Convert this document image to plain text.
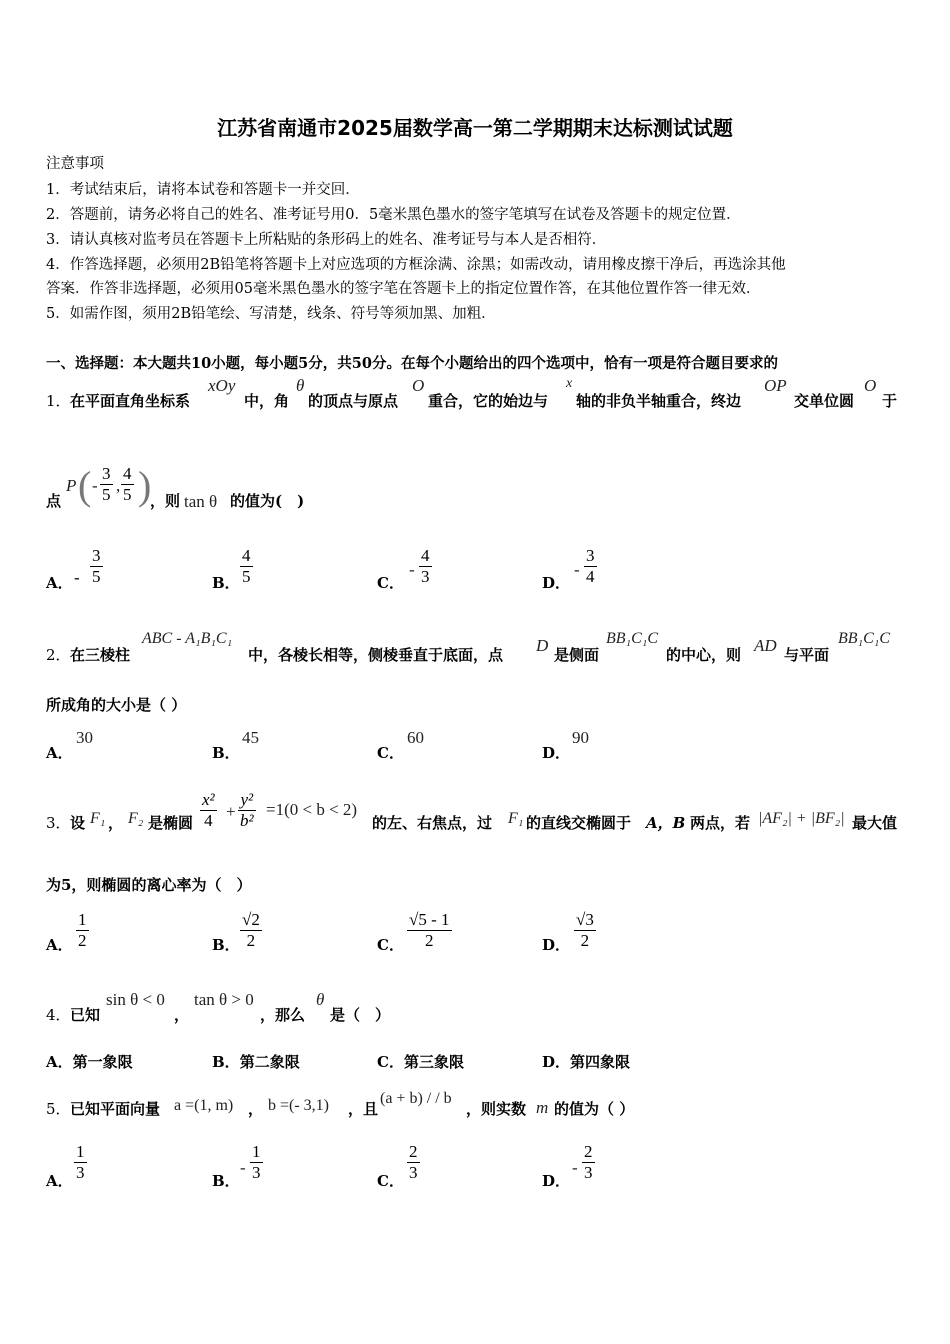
江苏省南通市2025届数学高一第二学期期末达标测试试题
注意事项
1．考试结束后，请将本试卷和答题卡一并交回．
2．答题前，请务必将自己的姓名、准考证号用0．5毫米黑色墨水的签字笔填写在试卷及答题卡的规定位置．
3．请认真核对监考员在答题卡上所粘贴的条形码上的姓名、准考证号与本人是否相符．
4．作答选择题，必须用2B铅笔将答题卡上对应选项的方框涂满、涂黑；如需改动，请用橡皮擦干净后，再选涂其他
答案．作答非选择题，必须用05毫米黑色墨水的签字笔在答题卡上的指定位置作答，在其他位置作答一律无效．
5．如需作图，须用2B铅笔绘、写清楚，线条、符号等须加黑、加粗．
一、选择题：本大题共10小题，每小题5分，共50分。在每个小题给出的四个选项中，恰有一项是符合题目要求的
1． 在平面直角坐标系
xOy
中，角
θ
的顶点与原点
O
重合，它的始边与
x
轴的非负半轴重合，终边
OP
交单位圆
O
于
点
P ( - $\frac{3}{5}$ , $\frac{4}{5}$ )
，则 tan θ 的值为(　)
A． - $\frac{3}{5}$	B． $\frac{4}{5}$	C．
- $\frac{4}{3}$	D．
- $\frac{3}{4}$
2． 在三棱柱
ABC - A₁B₁C₁
中，各棱长相等，侧棱垂直于底面，点 D 是侧面
BB₁C₁C
的中心，则 AD 与平面
BB₁C₁C
所成角的大小是（ ）
A．
30
B．
45
C．
60
D．
90
3． 设 F₁ ， F₂ 是椭圆 $\frac{\text{x²}}{4} + \frac{\text{y²}}{\text{b²}} =1(0 < b < 2)$
的左、右焦点，过 F₁ 的直线交椭圆于 A，B 两点，若 |AF₂| + |BF₂| 最大值
为5，则椭圆的离心率为（　）
A． $\frac{1}{2}$	B． $\frac{√2}{2}$	C． $\frac{√5 - 1}{2}$	D． $\frac{√3}{2}$
4． 已知
sin θ < 0
，
tan θ > 0
，那么
θ
是（　）
A．第一象限	B．第二象限	C．第三象限	D．第四象限
5． 已知平面向量 a =(1, m) ， b =(- 3,1) ，且
(a + b) / / b
，则实数 m 的值为（ ）
A． $\frac{1}{3}$	B．
- $\frac{1}{3}$	C． $\frac{2}{3}$	D．
- $\frac{2}{3}$
